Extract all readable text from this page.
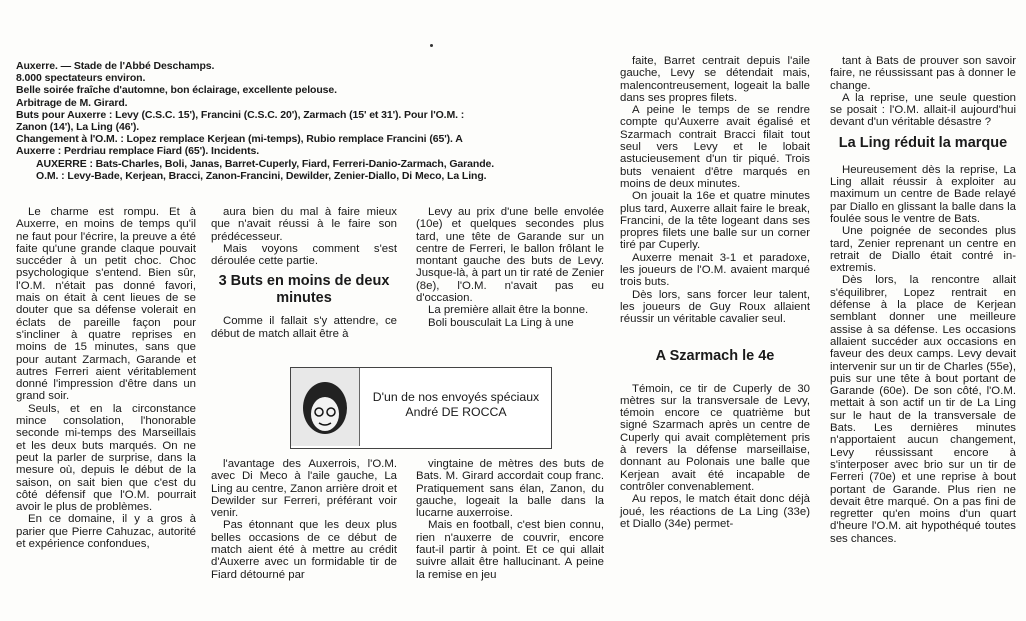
Auxerre. — Stade de l'Abbé Deschamps.
8.000 spectateurs environ.
Belle soirée fraîche d'automne, bon éclairage, excellente pelouse.
Arbitrage de M. Girard.
Buts pour Auxerre : Levy (C.S.C. 15'), Francini (C.S.C. 20'), Zarmach (15' et 31'). Pour l'O.M. :
Zanon (14'), La Ling (46').
Changement à l'O.M. : Lopez remplace Kerjean (mi-temps), Rubio remplace Francini (65'). A
Auxerre : Perdriau remplace Fiard (65'). Incidents.
AUXERRE : Bats-Charles, Boli, Janas, Barret-Cuperly, Fiard, Ferreri-Danio-Zarmach, Garande.
O.M. : Levy-Bade, Kerjean, Bracci, Zanon-Francini, Dewilder, Zenier-Diallo, Di Meco, La Ling.

Le charme est rompu. Et à Auxerre, en moins de temps qu'il ne faut pour l'écrire, la preuve a été faite qu'une grande claque pouvait succéder à un petit choc. Choc psychologique s'entend. Bien sûr, l'O.M. n'était pas donné favori, mais on était à cent lieues de se douter que sa défense volerait en éclats de pareille façon pour s'incliner à quatre reprises en moins de 15 minutes, sans que pour autant Zarmach, Garande et autres Ferreri aient véritablement donné l'impression d'être dans un grand soir.

Seuls, et en la circonstance mince consolation, l'honorable seconde mi-temps des Marseillais et les deux buts marqués. On ne peut la parler de surprise, dans la mesure où, depuis le début de la saison, on sait bien que c'est du côté défensif que l'O.M. pourrait avoir le plus de problèmes.

En ce domaine, il y a gros à parier que Pierre Cahuzac, autorité et expérience confondues,

aura bien du mal à faire mieux que n'avait réussi à le faire son prédécesseur.

Mais voyons comment s'est déroulée cette partie.

3 Buts en moins de deux minutes

Comme il fallait s'y attendre, ce début de match allait être à

Levy au prix d'une belle envolée (10e) et quelques secondes plus tard, une tête de Garande sur un centre de Ferreri, le ballon frôlant le montant gauche des buts de Levy. Jusque-là, à part un tir raté de Zenier (8e), l'O.M. n'avait pas eu d'occasion.

La première allait être la bonne.

Boli bousculait La Ling à une

D'un de nos envoyés spéciaux
André DE ROCCA

l'avantage des Auxerrois, l'O.M. avec Di Meco à l'aile gauche, La Ling au centre, Zanon arrière droit et Dewilder sur Ferreri, préférant voir venir.

Pas étonnant que les deux plus belles occasions de ce début de match aient été à mettre au crédit d'Auxerre avec un formidable tir de Fiard détourné par

vingtaine de mètres des buts de Bats. M. Girard accordait coup franc. Pratiquement sans élan, Zanon, du gauche, logeait la balle dans la lucarne auxerroise.

Mais en football, c'est bien connu, rien n'auxerre de couvrir, encore faut-il partir à point. Et ce qui allait suivre allait être hallucinant. A peine la remise en jeu

faite, Barret centrait depuis l'aile gauche, Levy se détendait mais, malencontreusement, logeait la balle dans ses propres filets.

A peine le temps de se rendre compte qu'Auxerre avait égalisé et Szarmach contrait Bracci filait tout seul vers Levy et le lobait astucieusement d'un tir piqué. Trois buts venaient d'être marqués en moins de deux minutes.

On jouait la 16e et quatre minutes plus tard, Auxerre allait faire le break, Francini, de la tête logeant dans ses propres filets une balle sur un corner tiré par Cuperly.

Auxerre menait 3-1 et paradoxe, les joueurs de l'O.M. avaient marqué trois buts.

Dès lors, sans forcer leur talent, les joueurs de Guy Roux allaient réussir un véritable cavalier seul.

A Szarmach le 4e

Témoin, ce tir de Cuperly de 30 mètres sur la transversale de Levy, témoin encore ce quatrième but signé Szarmach après un centre de Cuperly qui avait complètement pris à revers la défense marseillaise, donnant au Polonais une balle que Kerjean avait été incapable de contrôler convenablement.

Au repos, le match était donc déjà joué, les réactions de La Ling (33e) et Diallo (34e) permet-

tant à Bats de prouver son savoir faire, ne réussissant pas à donner le change.

A la reprise, une seule question se posait : l'O.M. allait-il aujourd'hui devant d'un véritable désastre ?

La Ling réduit la marque

Heureusement dès la reprise, La Ling allait réussir à exploiter au maximum un centre de Bade relayé par Diallo en glissant la balle dans la foulée sous le ventre de Bats.

Une poignée de secondes plus tard, Zenier reprenant un centre en retrait de Diallo était contré in-extremis.

Dès lors, la rencontre allait s'équilibrer, Lopez rentrait en défense à la place de Kerjean semblant donner une meilleure assise à sa défense. Les occasions allaient succéder aux occasions en faveur des deux camps. Levy devait intervenir sur un tir de Charles (55e), puis sur une tête à bout portant de Garande (60e). De son côté, l'O.M. mettait à son actif un tir de La Ling sur le haut de la transversale de Bats. Les dernières minutes n'apportaient aucun changement, Levy réussissant encore à s'interposer avec brio sur un tir de Ferreri (70e) et une reprise à bout portant de Garande. Plus rien ne devait être marqué. On a pas fini de regretter qu'en moins d'un quart d'heure l'O.M. ait hypothéqué toutes ses chances.
